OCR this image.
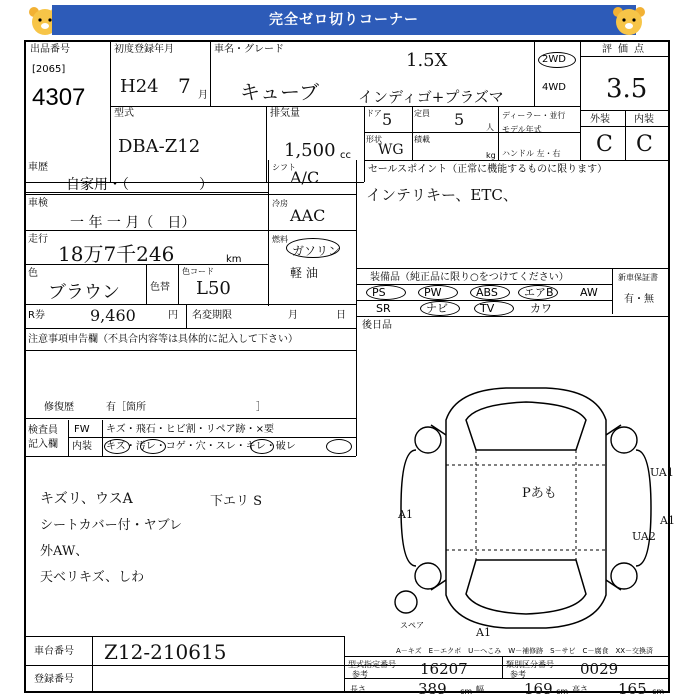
完全ゼロ切りコーナー
出品番号
[2065]
4307
初度登録年月
H24 7 月
車名・グレード
キューブ
1.5X
インディゴ+プラズマ
2WD
4WD
評価点
3.5
外装 内装
C C
型式
DBA-Z12
排気量
1,500 cc
ドア 5	定員 5	人
形状
WG
積載
kg
ディーラー・並行
モデル年式
ハンドル 左・右
車歴
自家用・（　　　　　）
シフト
A/C
車検
一 年 一 月（　日）
冷房
AAC
走行
18万7千246	km
燃料
ガソリン
軽 油
色
ブラウン	色替
色コード
L50
R券	9,460	円 名変期限	月	日
注意事項申告欄（不具合内容等は具体的に記入して下さい）
修復歴	有［箇所　　　　　　　　　　　］
検査員 記入欄
FW キズ・飛石・ヒビ割・リペア跡・×要
内装 キズ・汚レ・コゲ・穴・スレ・キレ・破レ
キズリ、ウスA	下エリ S
シートカバー付・ヤブレ
外AW、
天ベリキズ、しわ
セールスポイント（正常に機能するものに限ります）
インテリキー、ETC、
装備品（純正品に限り○をつけてください）	新車保証書
有・無
PS	PW	ABS エアB AW
SR	ナビ	TV	カワ
後日品
Pあも
UA1
A1	A1
UA2
A1
スペア
A－キズ　E－エクボ　U－へこみ　W－補修跡　S－サビ　C－腐食　XX－交換済
車台番号 Z12-210615
登録番号
型式指定番号
参考	16207	類別区分番号
参考	0029
長さ	389 cm 幅	169 cm 高さ 165 cm
